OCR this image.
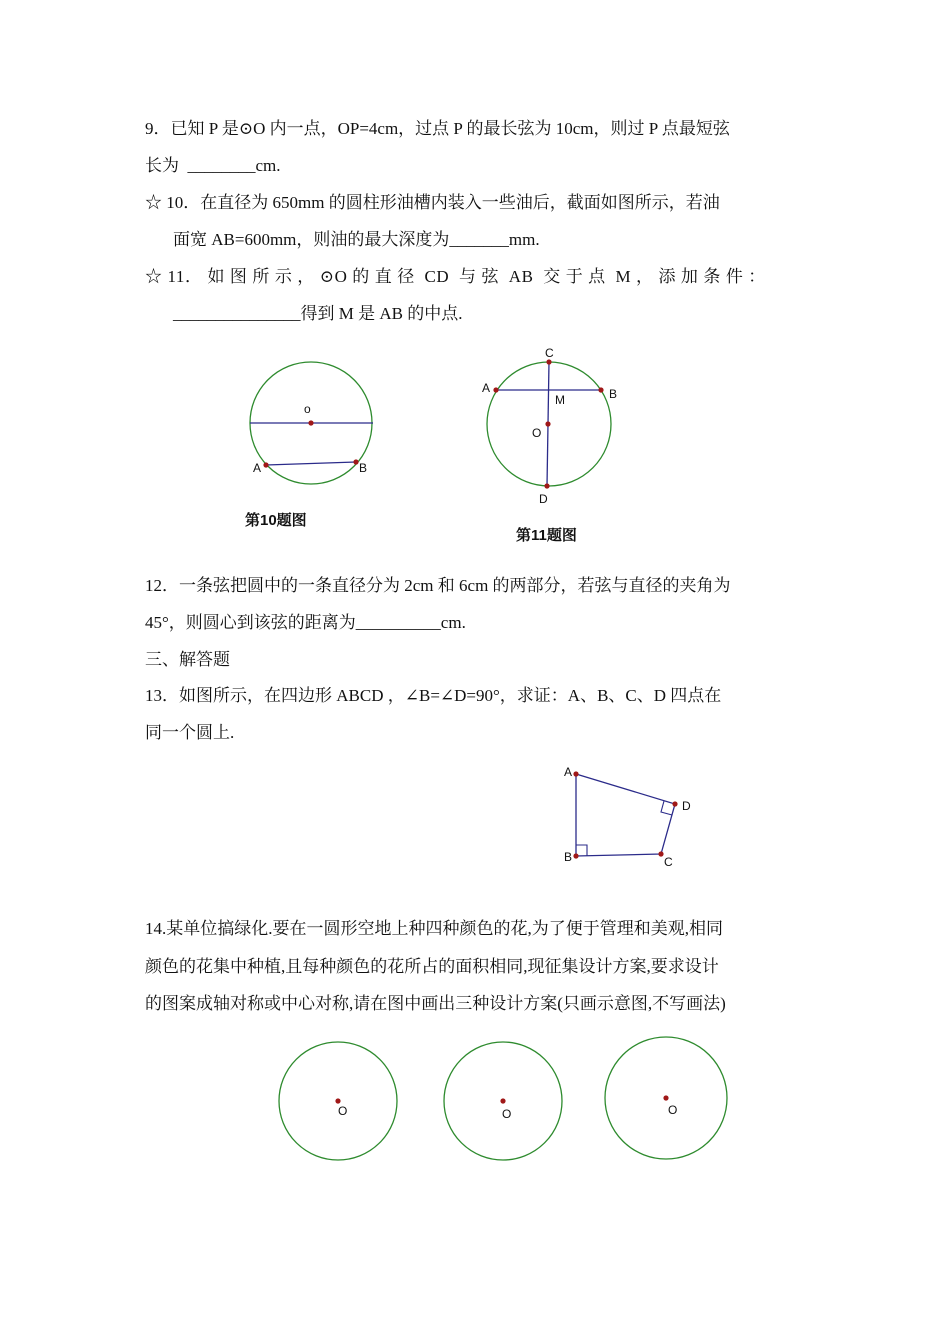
9．已知 P 是⊙O 内一点，OP=4cm，过点 P 的最长弦为 10cm，则过 P 点最短弦
长为  ________cm.
☆ 10．在直径为 650mm 的圆柱形油槽内装入一些油后，截面如图所示，若油
面宽 AB=600mm，则油的最大深度为_______mm.
☆ 11． 如 图 所 示 ， ⊙O 的 直 径  CD  与 弦  AB  交 于 点  M ， 添 加 条 件 ：
_______________得到 M 是 AB 的中点.
12．一条弦把圆中的一条直径分为 2cm 和 6cm 的两部分，若弦与直径的夹角为
45°，则圆心到该弦的距离为__________cm.
三、解答题
13．如图所示，在四边形 ABCD ，∠B=∠D=90°，求证：A、B、C、D 四点在
同一个圆上.
14.某单位搞绿化.要在一圆形空地上种四种颜色的花,为了便于管理和美观,相同
颜色的花集中种植,且每种颜色的花所占的面积相同,现征集设计方案,要求设计
的图案成轴对称或中心对称,请在图中画出三种设计方案(只画示意图,不写画法)
o
A	B
第10题图
C
A	B
M
O
D
第11题图
A
D
C
B
O	O	O
